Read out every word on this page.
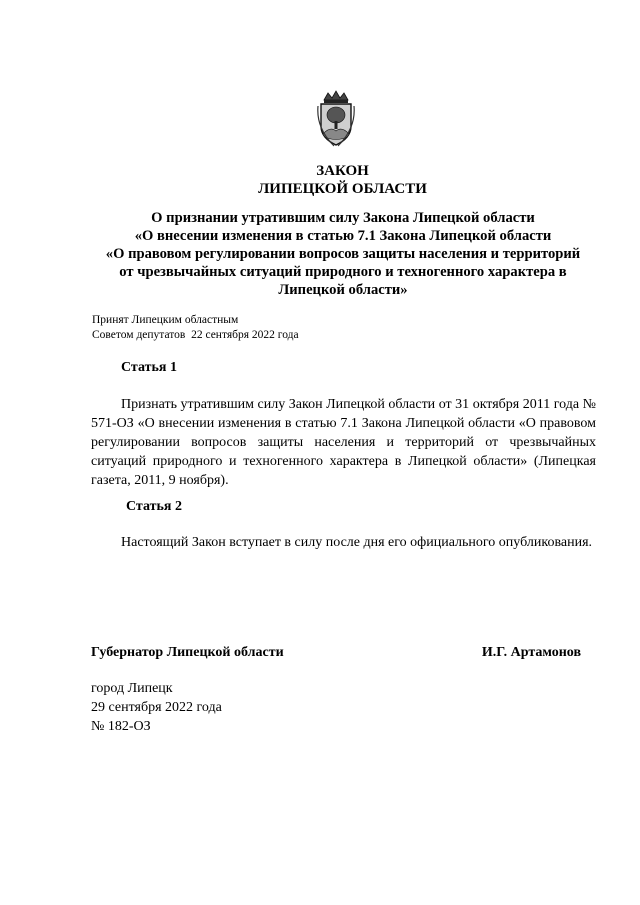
ЗАКОН
ЛИПЕЦКОЙ ОБЛАСТИ
О признании утратившим силу Закона Липецкой области
«О внесении изменения в статью 7.1 Закона Липецкой области
«О правовом регулировании вопросов защиты населения и территорий
от чрезвычайных ситуаций природного и техногенного характера в
Липецкой области»
Принят Липецким областным
Советом депутатов  22 сентября 2022 года
Статья 1
Признать утратившим силу Закон Липецкой области от 31 октября 2011 года № 571-ОЗ «О внесении изменения в статью 7.1 Закона Липецкой области «О правовом регулировании вопросов защиты населения и территорий от чрезвычайных ситуаций природного и техногенного характера в Липецкой области» (Липецкая газета, 2011, 9 ноября).
Статья 2
Настоящий Закон вступает в силу после дня его официального опубликования.
Губернатор Липецкой области	И.Г. Артамонов
город Липецк
29 сентября 2022 года
№ 182-ОЗ
